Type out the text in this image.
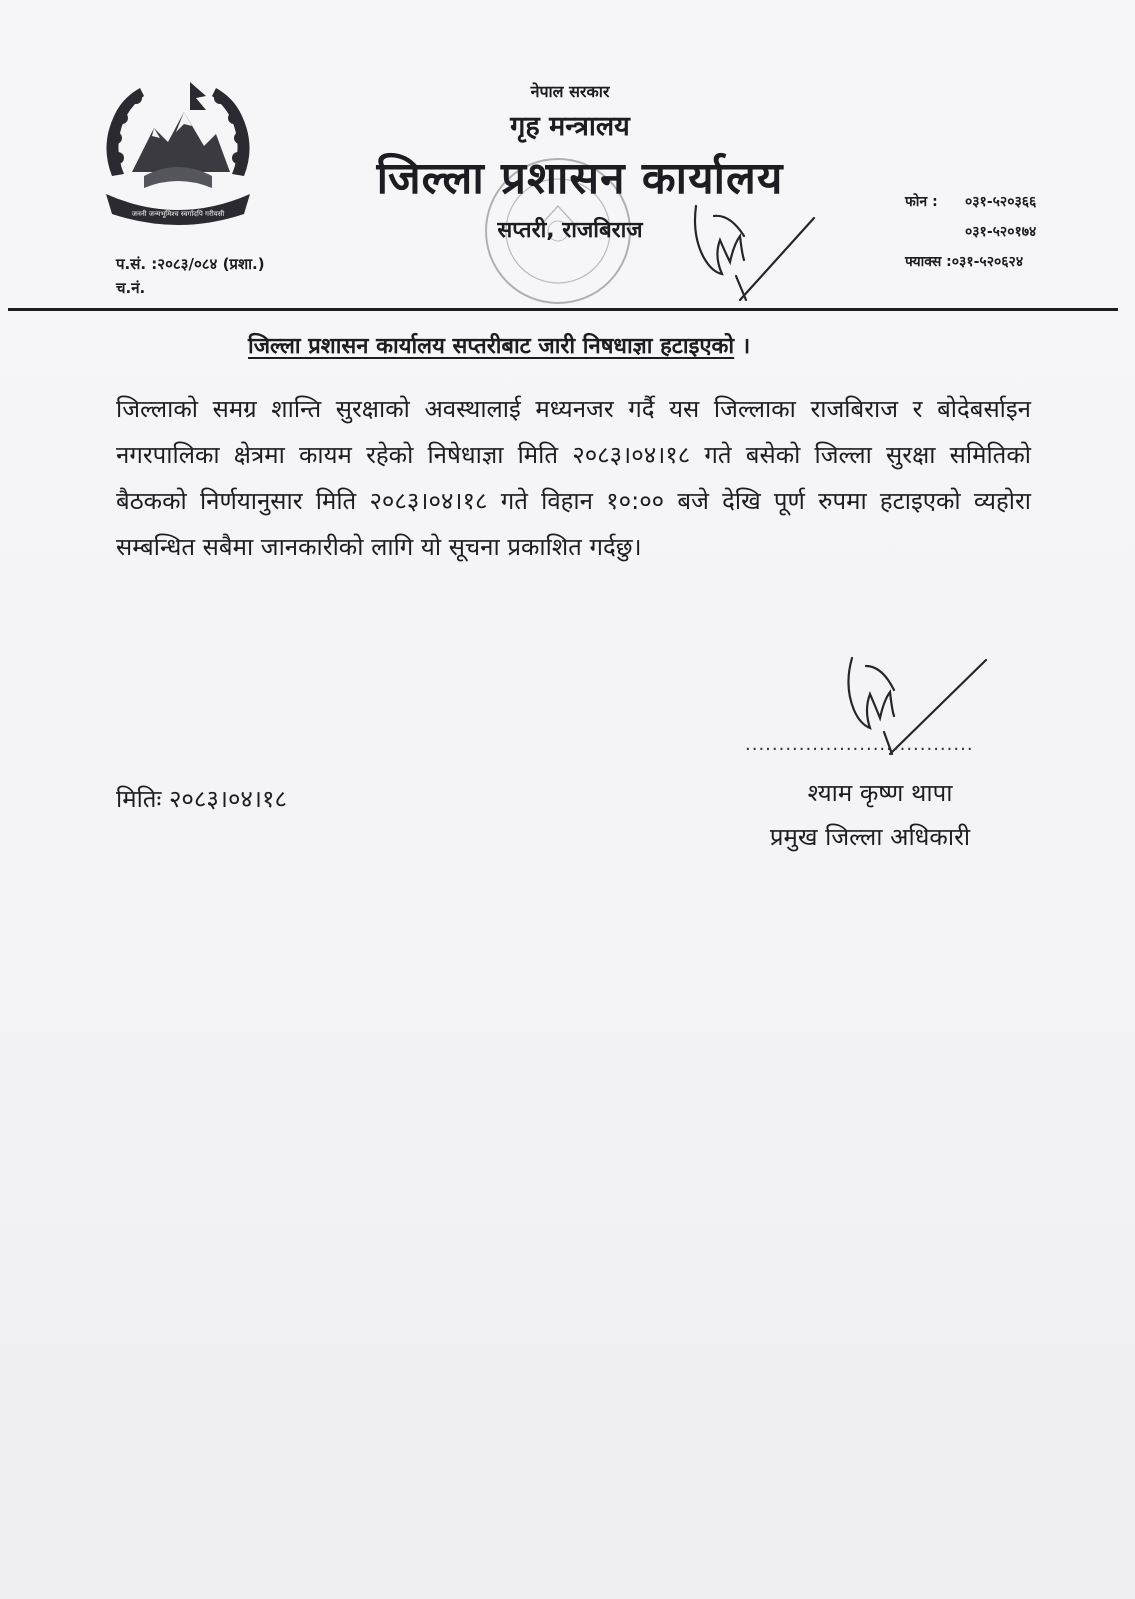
जननी जन्मभूमिश्च स्वर्गादपि गरीयसी
नेपाल सरकार
गृह मन्त्रालय
जिल्ला प्रशासन कार्यालय
सप्तरी, राजबिराज
फोन : ०३१-५२०३६६
०३१-५२०१७४
फ्याक्स :०३१-५२०६२४
प.सं. :२०८३/०८४ (प्रशा.)
च.नं.
जिल्ला प्रशासन कार्यालय सप्तरीबाट जारी निषधाज्ञा हटाइएको ।
जिल्लाको समग्र शान्ति सुरक्षाको अवस्थालाई मध्यनजर गर्दै यस जिल्लाका राजबिराज र बोदेबर्साइन नगरपालिका क्षेत्रमा कायम रहेको निषेधाज्ञा मिति २०८३।०४।१८ गते बसेको जिल्ला सुरक्षा समितिको बैठकको निर्णयानुसार मिति २०८३।०४।१८ गते विहान १०:०० बजे देखि पूर्ण रुपमा हटाइएको व्यहोरा सम्बन्धित सबैमा जानकारीको लागि यो सूचना प्रकाशित गर्दछु।
..................................
श्याम कृष्ण थापा
प्रमुख जिल्ला अधिकारी
मितिः २०८३।०४।१८
